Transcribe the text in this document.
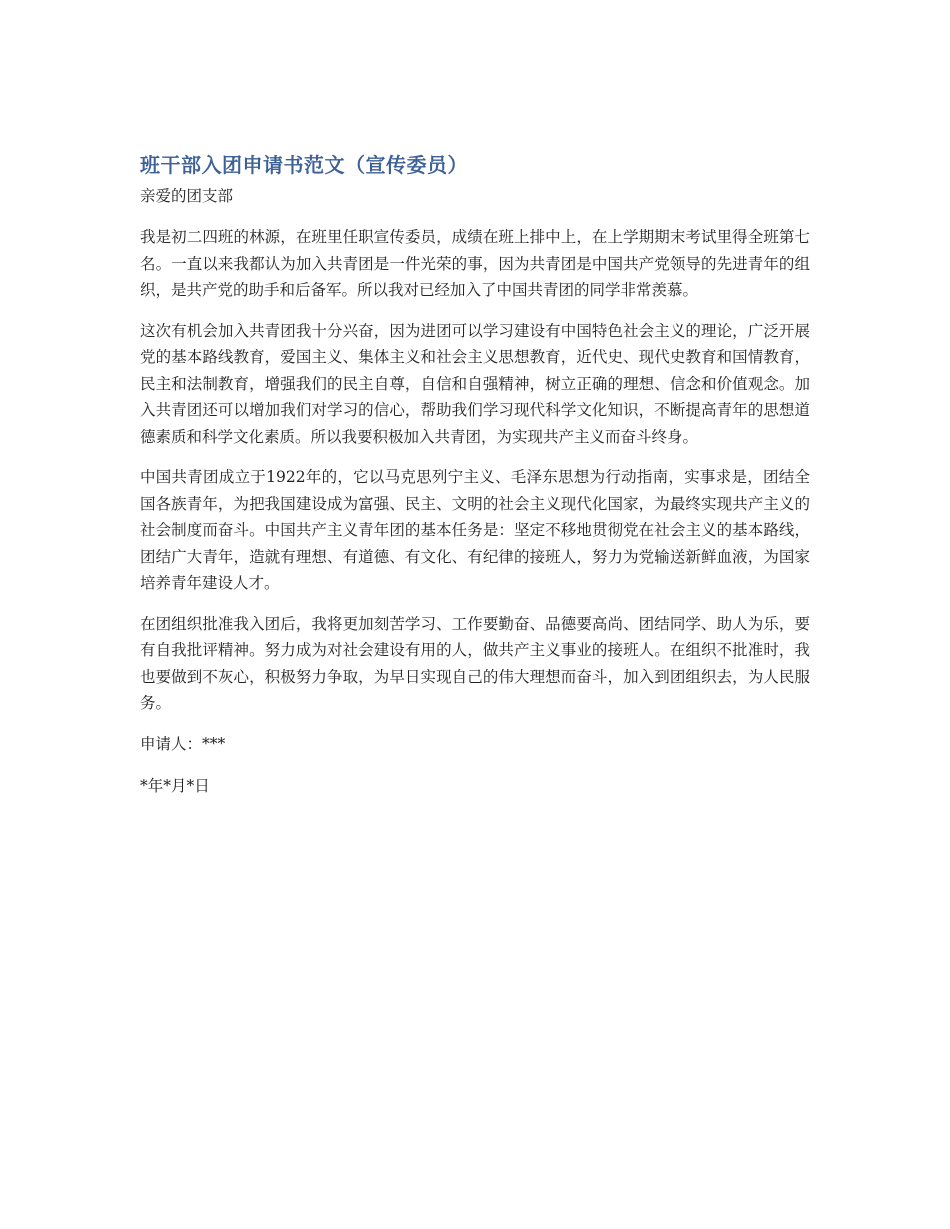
班干部入团申请书范文（宣传委员）

亲爱的团支部

我是初二四班的林源，在班里任职宣传委员，成绩在班上排中上，在上学期期末考试里得全班第七名。一直以来我都认为加入共青团是一件光荣的事，因为共青团是中国共产党领导的先进青年的组织，是共产党的助手和后备军。所以我对已经加入了中国共青团的同学非常羡慕。

这次有机会加入共青团我十分兴奋，因为进团可以学习建设有中国特色社会主义的理论，广泛开展党的基本路线教育，爱国主义、集体主义和社会主义思想教育，近代史、现代史教育和国情教育，民主和法制教育，增强我们的民主自尊，自信和自强精神，树立正确的理想、信念和价值观念。加入共青团还可以增加我们对学习的信心，帮助我们学习现代科学文化知识，不断提高青年的思想道德素质和科学文化素质。所以我要积极加入共青团，为实现共产主义而奋斗终身。

中国共青团成立于1922年的，它以马克思列宁主义、毛泽东思想为行动指南，实事求是，团结全国各族青年，为把我国建设成为富强、民主、文明的社会主义现代化国家，为最终实现共产主义的社会制度而奋斗。中国共产主义青年团的基本任务是：坚定不移地贯彻党在社会主义的基本路线，团结广大青年，造就有理想、有道德、有文化、有纪律的接班人，努力为党输送新鲜血液，为国家培养青年建设人才。

在团组织批准我入团后，我将更加刻苦学习、工作要勤奋、品德要高尚、团结同学、助人为乐，要有自我批评精神。努力成为对社会建设有用的人，做共产主义事业的接班人。在组织不批准时，我也要做到不灰心，积极努力争取，为早日实现自己的伟大理想而奋斗，加入到团组织去，为人民服务。

申请人：***

*年*月*日
